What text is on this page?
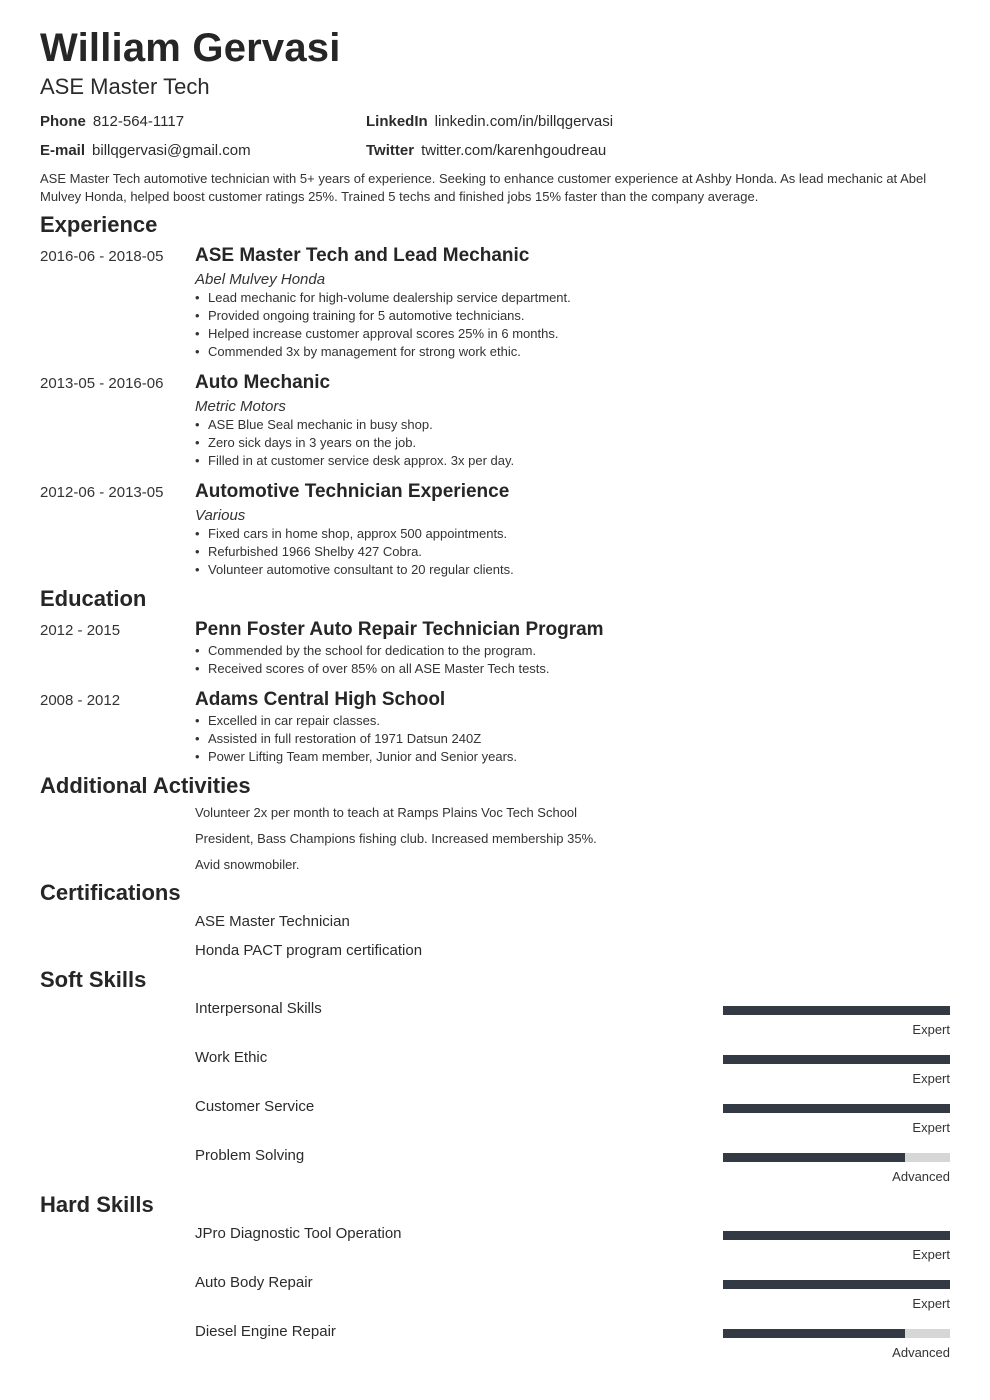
William Gervasi
ASE Master Tech
Phone 812-564-1117
E-mail billqgervasi@gmail.com
LinkedIn linkedin.com/in/billqgervasi
Twitter twitter.com/karenhgoudreau
ASE Master Tech automotive technician with 5+ years of experience. Seeking to enhance customer experience at Ashby Honda. As lead mechanic at Abel Mulvey Honda, helped boost customer ratings 25%. Trained 5 techs and finished jobs 15% faster than the company average.
Experience
2016-06 - 2018-05 ASE Master Tech and Lead Mechanic
Abel Mulvey Honda
• Lead mechanic for high-volume dealership service department.
• Provided ongoing training for 5 automotive technicians.
• Helped increase customer approval scores 25% in 6 months.
• Commended 3x by management for strong work ethic.
2013-05 - 2016-06 Auto Mechanic
Metric Motors
• ASE Blue Seal mechanic in busy shop.
• Zero sick days in 3 years on the job.
• Filled in at customer service desk approx. 3x per day.
2012-06 - 2013-05 Automotive Technician Experience
Various
• Fixed cars in home shop, approx 500 appointments.
• Refurbished 1966 Shelby 427 Cobra.
• Volunteer automotive consultant to 20 regular clients.
Education
2012 - 2015	Penn Foster Auto Repair Technician Program
• Commended by the school for dedication to the program.
• Received scores of over 85% on all ASE Master Tech tests.
2008 - 2012	Adams Central High School
• Excelled in car repair classes.
• Assisted in full restoration of 1971 Datsun 240Z
• Power Lifting Team member, Junior and Senior years.
Additional Activities
Volunteer 2x per month to teach at Ramps Plains Voc Tech School
President, Bass Champions fishing club. Increased membership 35%.
Avid snowmobiler.
Certifications
ASE Master Technician
Honda PACT program certification
Soft Skills
Interpersonal Skills
Expert
Work Ethic
Expert
Customer Service
Expert
Problem Solving
Advanced
Hard Skills
JPro Diagnostic Tool Operation
Expert
Auto Body Repair
Expert
Diesel Engine Repair
Advanced
